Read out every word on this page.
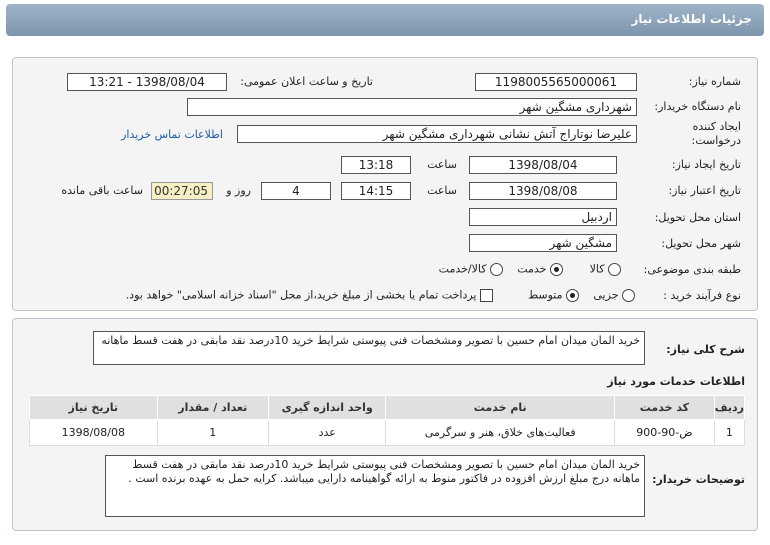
جزئیات اطلاعات نیاز
شماره نیاز:
1198005565000061
تاریخ و ساعت اعلان عمومی:
1398/08/04 - 13:21
نام دستگاه خریدار:
شهرداری مشگین شهر
ایجاد کننده درخواست:
علیرضا نوتاراج آتش نشانی شهرداری مشگین شهر
اطلاعات تماس خریدار
تاریخ ایجاد نیاز:
1398/08/04
ساعت
13:18
تاریخ اعتبار نیاز:
1398/08/08
ساعت
14:15
4
روز و
00:27:05
ساعت باقی مانده
استان محل تحویل:
اردبیل
شهر محل تحویل:
مشگین شهر
طبقه بندی موضوعی:
کالا
خدمت
کالا/خدمت
نوع فرآیند خرید :
جزیی
متوسط
پرداخت تمام یا بخشی از مبلغ خرید،از محل "اسناد خزانه اسلامی" خواهد بود.
شرح کلی نیاز:
خرید المان میدان امام حسین با تصویر ومشخصات فنی پیوستی شرایط خرید 10درصد نقد مابقی در هفت قسط ماهانه
اطلاعات خدمات مورد نیاز
ردیف	کد خدمت	نام خدمت	واحد اندازه گیری	تعداد / مقدار	تاریخ نیاز
1	ض-90-900	فعالیت‌های خلاق، هنر و سرگرمی	عدد	1	1398/08/08
توضیحات خریدار:
خرید المان میدان امام حسین با تصویر ومشخصات فنی پیوستی شرایط خرید 10درصد نقد مابقی در هفت قسط ماهانه درج مبلغ ارزش افزوده در فاکتور منوط به ارائه گواهینامه دارایی میباشد. کرایه حمل به عهده برنده است .
